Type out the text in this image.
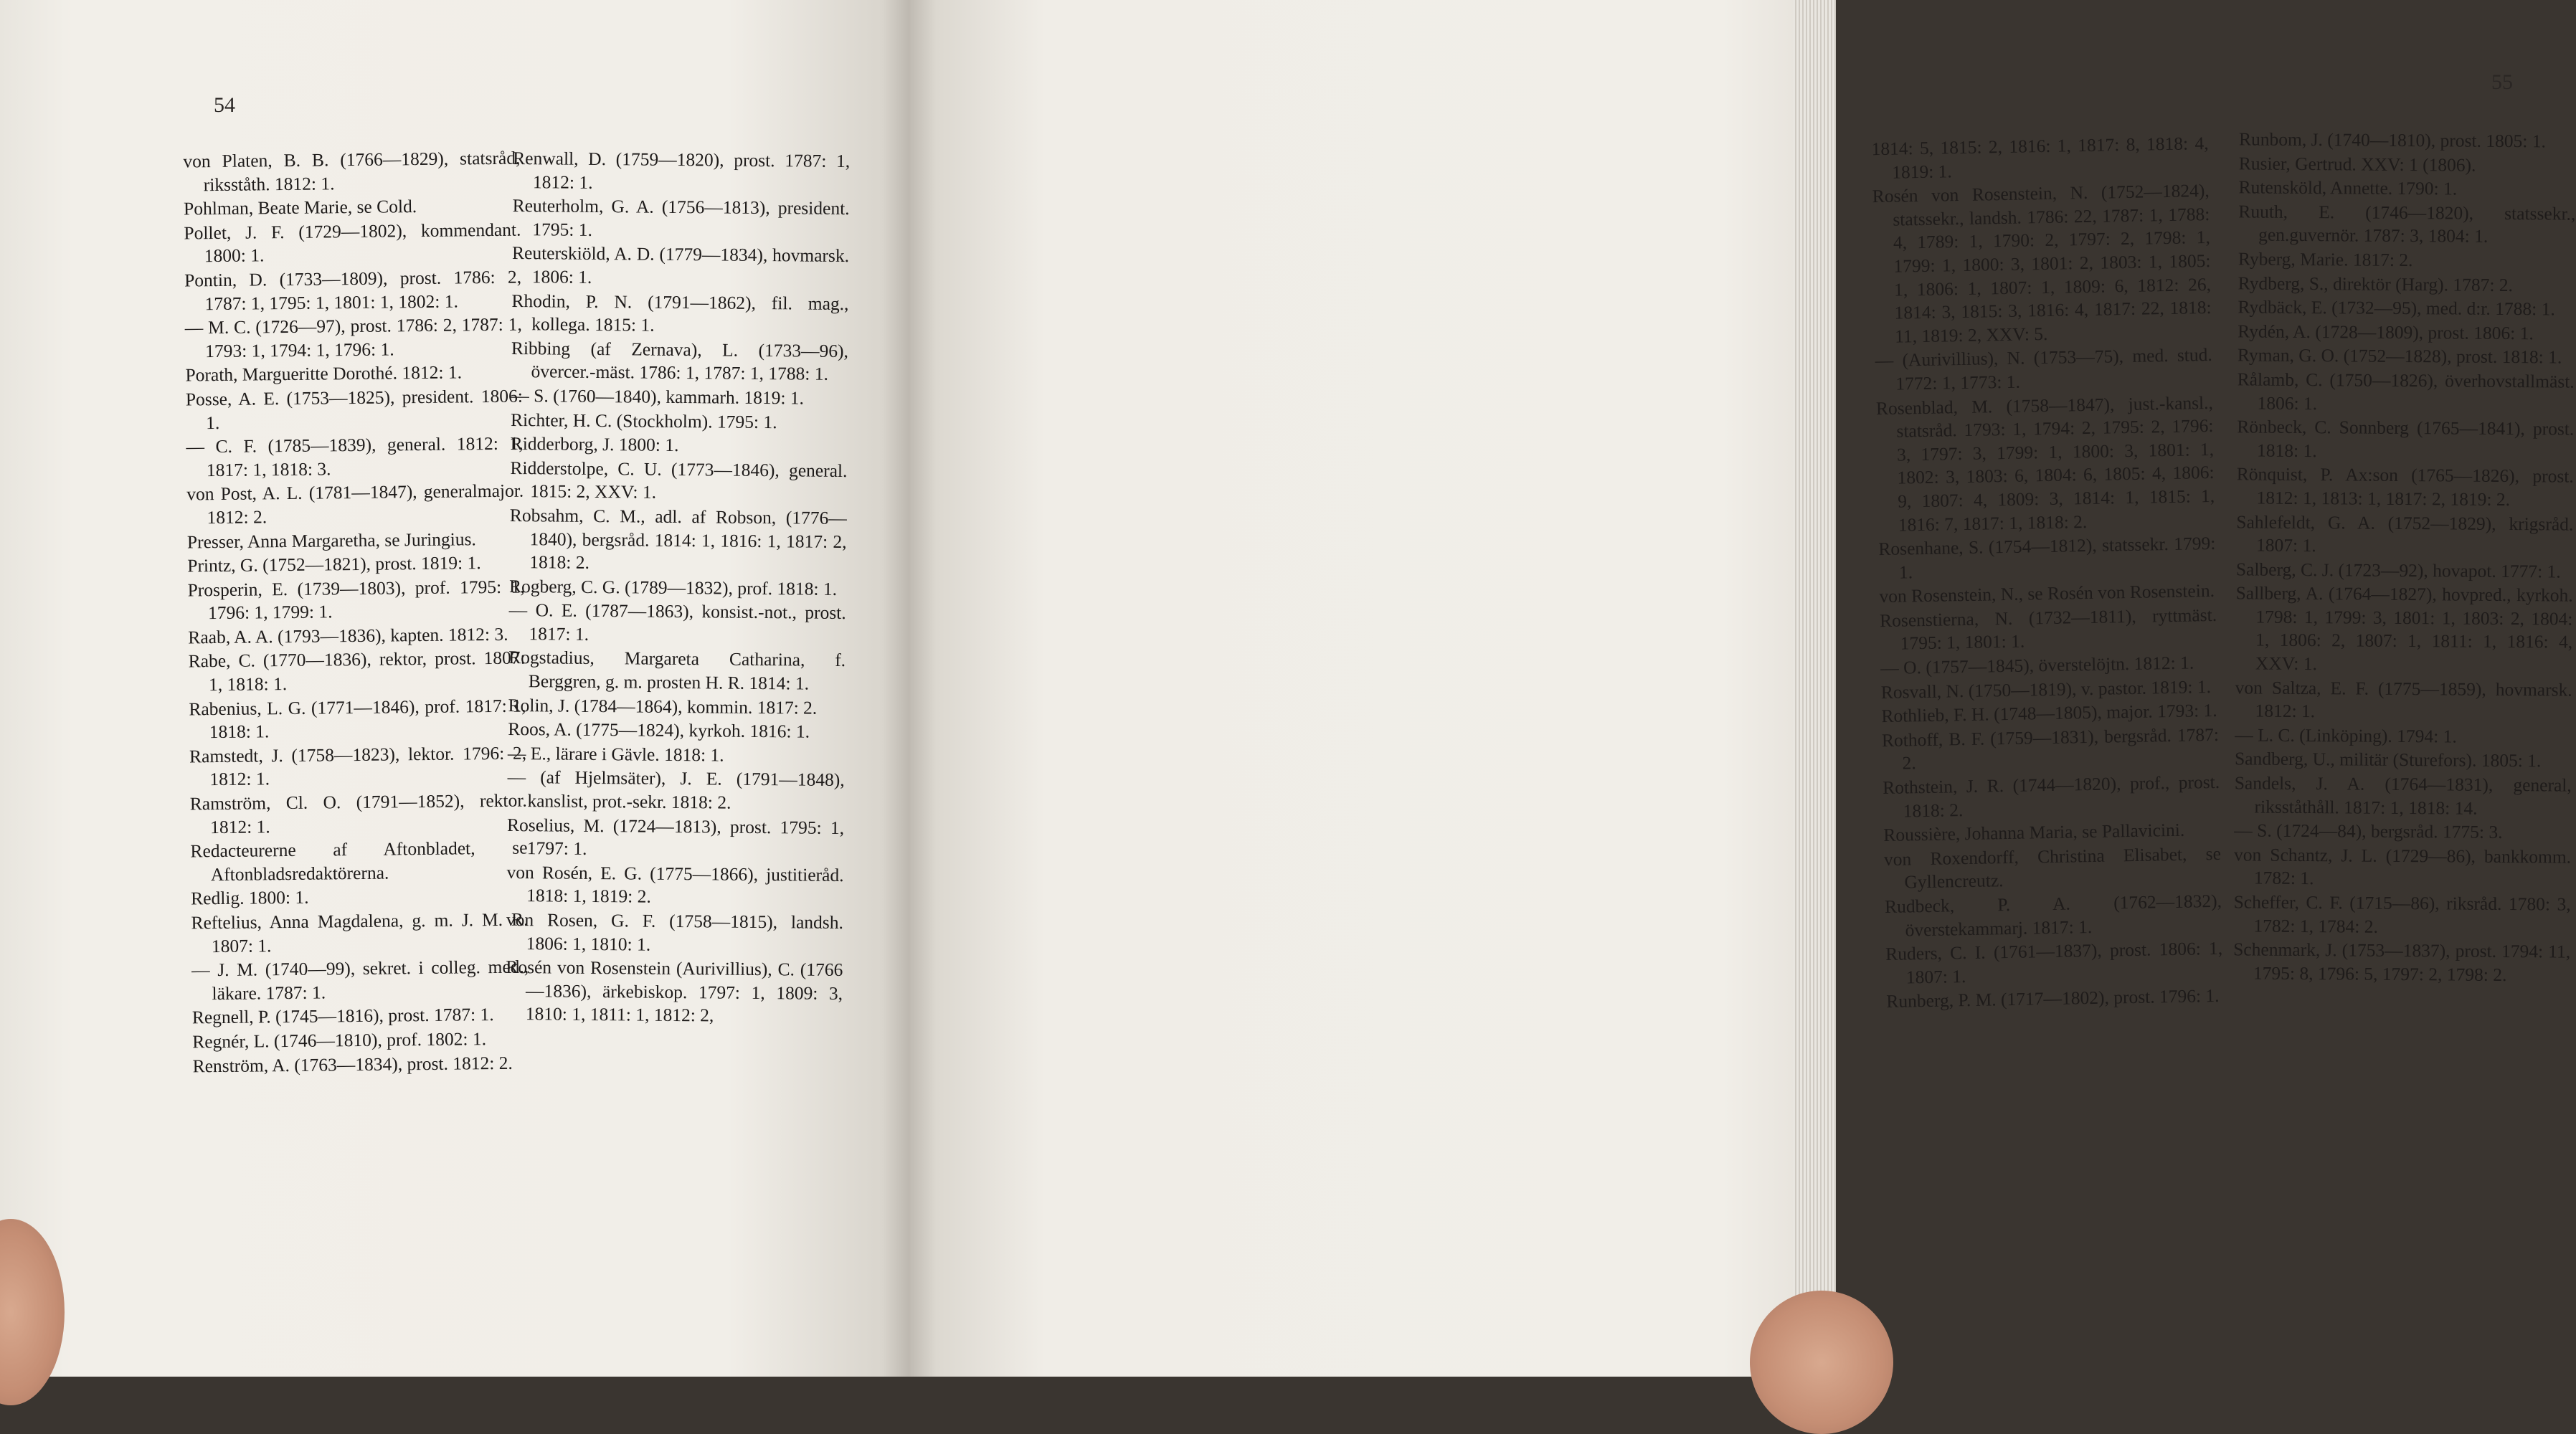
54

von Platen, B. B. (1766—1829), statsråd, riksståth. 1812: 1.

Pohlman, Beate Marie, se Cold.

Pollet, J. F. (1729—1802), kommendant. 1800: 1.

Pontin, D. (1733—1809), prost. 1786: 2, 1787: 1, 1795: 1, 1801: 1, 1802: 1.

— M. C. (1726—97), prost. 1786: 2, 1787: 1, 1793: 1, 1794: 1, 1796: 1.

Porath, Margueritte Dorothé. 1812: 1.

Posse, A. E. (1753—1825), president. 1806: 1.

— C. F. (1785—1839), general. 1812: 1, 1817: 1, 1818: 3.

von Post, A. L. (1781—1847), generalmajor. 1812: 2.

Presser, Anna Margaretha, se Juringius.

Printz, G. (1752—1821), prost. 1819: 1.

Prosperin, E. (1739—1803), prof. 1795: 1, 1796: 1, 1799: 1.

Raab, A. A. (1793—1836), kapten. 1812: 3.

Rabe, C. (1770—1836), rektor, prost. 1807: 1, 1818: 1.

Rabenius, L. G. (1771—1846), prof. 1817: 1, 1818: 1.

Ramstedt, J. (1758—1823), lektor. 1796: 2, 1812: 1.

Ramström, Cl. O. (1791—1852), rektor. 1812: 1.

Redacteurerne af Aftonbladet, se Aftonbladsredaktörerna.

Redlig. 1800: 1.

Reftelius, Anna Magdalena, g. m. J. M. R. 1807: 1.

— J. M. (1740—99), sekret. i colleg. med., läkare. 1787: 1.

Regnell, P. (1745—1816), prost. 1787: 1.

Regnér, L. (1746—1810), prof. 1802: 1.

Renström, A. (1763—1834), prost. 1812: 2.

Renwall, D. (1759—1820), prost. 1787: 1, 1812: 1.

Reuterholm, G. A. (1756—1813), president. 1795: 1.

Reuterskiöld, A. D. (1779—1834), hovmarsk. 1806: 1.

Rhodin, P. N. (1791—1862), fil. mag., kollega. 1815: 1.

Ribbing (af Zernava), L. (1733—96), övercer.-mäst. 1786: 1, 1787: 1, 1788: 1.

— S. (1760—1840), kammarh. 1819: 1.

Richter, H. C. (Stockholm). 1795: 1.

Ridderborg, J. 1800: 1.

Ridderstolpe, C. U. (1773—1846), general. 1815: 2, XXV: 1.

Robsahm, C. M., adl. af Robson, (1776—1840), bergsråd. 1814: 1, 1816: 1, 1817: 2, 1818: 2.

Rogberg, C. G. (1789—1832), prof. 1818: 1.

— O. E. (1787—1863), konsist.-not., prost. 1817: 1.

Rogstadius, Margareta Catharina, f. Berggren, g. m. prosten H. R. 1814: 1.

Rolin, J. (1784—1864), kommin. 1817: 2.

Roos, A. (1775—1824), kyrkoh. 1816: 1.

— E., lärare i Gävle. 1818: 1.

— (af Hjelmsäter), J. E. (1791—1848), kanslist, prot.-sekr. 1818: 2.

Roselius, M. (1724—1813), prost. 1795: 1, 1797: 1.

von Rosén, E. G. (1775—1866), justitieråd. 1818: 1, 1819: 2.

von Rosen, G. F. (1758—1815), landsh. 1806: 1, 1810: 1.

Rosén von Rosenstein (Aurivillius), C. (1766—1836), ärkebiskop. 1797: 1, 1809: 3, 1810: 1, 1811: 1, 1812: 2,

55

1814: 5, 1815: 2, 1816: 1, 1817: 8, 1818: 4, 1819: 1.

Rosén von Rosenstein, N. (1752—1824), statssekr., landsh. 1786: 22, 1787: 1, 1788: 4, 1789: 1, 1790: 2, 1797: 2, 1798: 1, 1799: 1, 1800: 3, 1801: 2, 1803: 1, 1805: 1, 1806: 1, 1807: 1, 1809: 6, 1812: 26, 1814: 3, 1815: 3, 1816: 4, 1817: 22, 1818: 11, 1819: 2, XXV: 5.

— (Aurivillius), N. (1753—75), med. stud. 1772: 1, 1773: 1.

Rosenblad, M. (1758—1847), just.-kansl., statsråd. 1793: 1, 1794: 2, 1795: 2, 1796: 3, 1797: 3, 1799: 1, 1800: 3, 1801: 1, 1802: 3, 1803: 6, 1804: 6, 1805: 4, 1806: 9, 1807: 4, 1809: 3, 1814: 1, 1815: 1, 1816: 7, 1817: 1, 1818: 2.

Rosenhane, S. (1754—1812), statssekr. 1799: 1.

von Rosenstein, N., se Rosén von Rosenstein.

Rosenstierna, N. (1732—1811), ryttmäst. 1795: 1, 1801: 1.

— O. (1757—1845), överstelöjtn. 1812: 1.

Rosvall, N. (1750—1819), v. pastor. 1819: 1.

Rothlieb, F. H. (1748—1805), major. 1793: 1.

Rothoff, B. F. (1759—1831), bergsråd. 1787: 2.

Rothstein, J. R. (1744—1820), prof., prost. 1818: 2.

Roussière, Johanna Maria, se Pallavicini.

von Roxendorff, Christina Elisabet, se Gyllencreutz.

Rudbeck, P. A. (1762—1832), överstekammarj. 1817: 1.

Ruders, C. I. (1761—1837), prost. 1806: 1, 1807: 1.

Runberg, P. M. (1717—1802), prost. 1796: 1.

Runbom, J. (1740—1810), prost. 1805: 1.

Rusier, Gertrud. XXV: 1 (1806).

Rutensköld, Annette. 1790: 1.

Ruuth, E. (1746—1820), statssekr., gen.guvernör. 1787: 3, 1804: 1.

Ryberg, Marie. 1817: 2.

Rydberg, S., direktör (Harg). 1787: 2.

Rydbäck, E. (1732—95), med. d:r. 1788: 1.

Rydén, A. (1728—1809), prost. 1806: 1.

Ryman, G. O. (1752—1828), prost. 1818: 1.

Rålamb, C. (1750—1826), överhovstallmäst. 1806: 1.

Rönbeck, C. Sonnberg (1765—1841), prost. 1818: 1.

Rönquist, P. Ax:son (1765—1826), prost. 1812: 1, 1813: 1, 1817: 2, 1819: 2.

Sahlefeldt, G. A. (1752—1829), krigsråd. 1807: 1.

Salberg, C. J. (1723—92), hovapot. 1777: 1.

Sallberg, A. (1764—1827), hovpred., kyrkoh. 1798: 1, 1799: 3, 1801: 1, 1803: 2, 1804: 1, 1806: 2, 1807: 1, 1811: 1, 1816: 4, XXV: 1.

von Saltza, E. F. (1775—1859), hovmarsk. 1812: 1.

— L. C. (Linköping). 1794: 1.

Sandberg, U., militär (Sturefors). 1805: 1.

Sandels, J. A. (1764—1831), general, riksståthåll. 1817: 1, 1818: 14.

— S. (1724—84), bergsråd. 1775: 3.

von Schantz, J. L. (1729—86), bankkomm. 1782: 1.

Scheffer, C. F. (1715—86), riksråd. 1780: 3, 1782: 1, 1784: 2.

Schenmark, J. (1753—1837), prost. 1794: 11, 1795: 8, 1796: 5, 1797: 2, 1798: 2.
